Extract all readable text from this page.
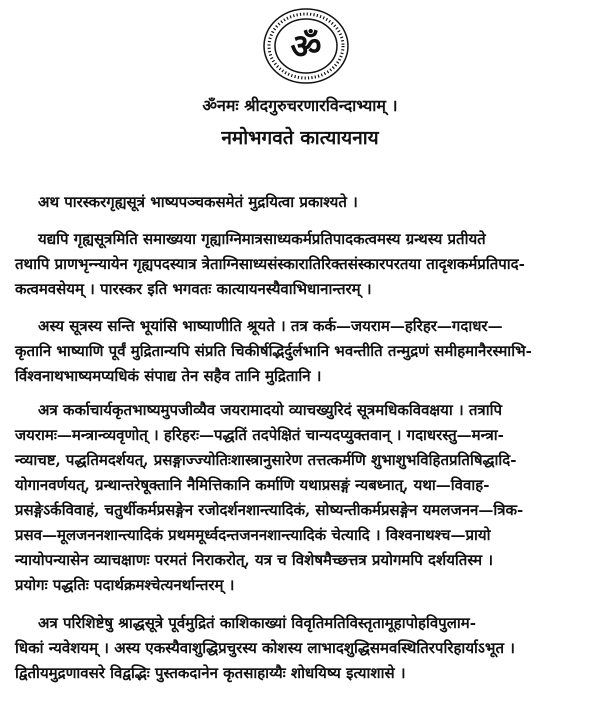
ॐ
ॐनमः श्रीदगुरुचरणारविन्दाभ्याम् ।
नमोभगवते कात्यायनाय
अथ पारस्करगृह्यसूत्रं भाष्यपञ्चकसमेतं मुद्रयित्वा प्रकाश्यते ।
यद्यपि गृह्यसूत्रमिति समाख्यया गृह्याग्निमात्रसाध्यकर्मप्रतिपादकत्वमस्य ग्रन्थस्य प्रतीयते
तथापि प्राणभृन्न्यायेन गृह्यपदस्यात्र त्रेताग्निसाध्यसंस्कारातिरिक्तसंस्कारपरतया तादृशकर्मप्रतिपाद-
कत्वमवसेयम् । पारस्कर इति भगवतः कात्यायनस्यैवाभिधानान्तरम् ।
अस्य सूत्रस्य सन्ति भूयांसि भाष्याणीति श्रूयते । तत्र कर्क—जयराम—हरिहर—गदाधर—
कृतानि भाष्याणि पूर्वं मुद्रितान्यपि संप्रति चिकीर्षद्भिर्दुर्लभानि भवन्तीति तन्मुद्रणं समीहमानैरस्माभि-
र्विश्वनाथभाष्यमप्यधिकं संपाद्य तेन सहैव तानि मुद्रितानि ।
अत्र कर्काचार्यकृतभाष्यमुपजीव्यैव जयरामादयो व्याचख्युरिदं सूत्रमधिकविवक्षया । तत्रापि
जयरामः—मन्त्रान्व्यवृणोत् । हरिहरः—पद्धतिं तदपेक्षितं चान्यदप्युक्तवान् । गदाधरस्तु—मन्त्रा-
न्व्याचष्ट, पद्धतिमदर्शयत्, प्रसङ्गाज्ज्योतिःशास्त्रानुसारेण तत्तत्कर्मणि शुभाशुभविहितप्रतिषिद्धादि-
योगानवर्णयत्, ग्रन्थान्तरेषूक्तानि नैमित्तिकानि कर्माणि यथाप्रसङ्गं न्यबध्नात्, यथा—विवाह-
प्रसङ्गेऽर्कविवाहं, चतुर्थीकर्मप्रसङ्गेन रजोदर्शनशान्त्यादिकं, सोष्यन्तीकर्मप्रसङ्गेन यमलजनन—त्रिक-
प्रसव—मूलजननशान्त्यादिकं प्रथममूर्ध्वदन्तजननशान्त्यादिकं चेत्यादि । विश्वनाथश्च—प्रायो
न्यायोपन्यासेन व्याचक्षाणः परमतं निराकरोत्, यत्र च विशेषमैच्छत्तत्र प्रयोगमपि दर्शयतिस्म ।
प्रयोगः पद्धतिः पदार्थक्रमश्चेत्यनर्थान्तरम् ।
अत्र परिशिष्टेषु श्राद्धसूत्रे पूर्वमुद्रितं काशिकाख्यां विवृतिमतिविस्तृतामूहापोहविपुलाम-
धिकां न्यवेशयम् । अस्य एकस्यैवाशुद्धिप्रचुरस्य कोशस्य लाभादशुद्धिसमवस्थितिरपरिहार्याऽभूत ।
द्वितीयमुद्रणावसरे विद्वद्भिः पुस्तकदानेन कृतसाहाय्यैः शोधयिष्य इत्याशासे ।
